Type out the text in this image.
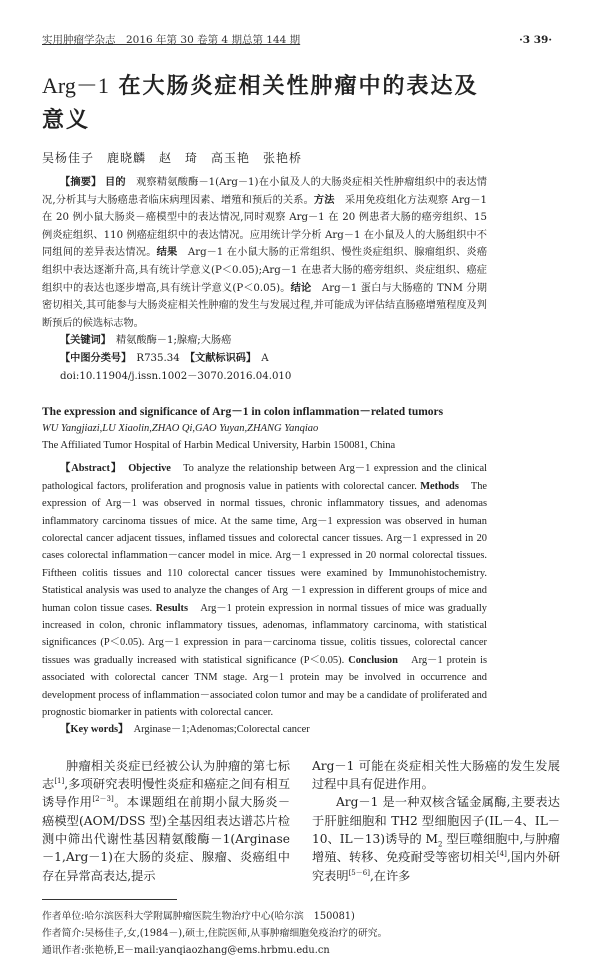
实用肿瘤学杂志　2016 年第 30 卷第 4 期总第 144 期	·3 39·
Arg－1 在大肠炎症相关性肿瘤中的表达及意义
吴杨佳子　鹿晓麟　赵　琦　高玉艳　张艳桥
【摘要】 目的　 观察精氨酸酶－1(Arg－1)在小鼠及人的大肠炎症相关性肿瘤组织中的表达情况,分析其与大肠癌患者临床病理因素、增殖和预后的关系。方法　 采用免疫组化方法观察 Arg－1 在 20 例小鼠大肠炎－癌模型中的表达情况,同时观察 Arg－1 在 20 例患者大肠的癌旁组织、15 例炎症组织、110 例癌症组织中的表达情况。应用统计学分析 Arg－1 在小鼠及人的大肠组织中不同组间的差异表达情况。结果　 Arg－1 在小鼠大肠的正常组织、慢性炎症组织、腺瘤组织、炎癌组织中表达逐渐升高,具有统计学意义(P＜0.05);Arg－1 在患者大肠的癌旁组织、炎症组织、癌症组织中的表达也逐步增高,具有统计学意义(P＜0.05)。结论　 Arg－1 蛋白与大肠癌的 TNM 分期密切相关,其可能参与大肠炎症相关性肿瘤的发生与发展过程,并可能成为评估结直肠癌增殖程度及判断预后的候选标志物。
【关键词】　 精氨酸酶－1;腺瘤;大肠癌
【中图分类号】　 R735.34　 【文献标识码】　 A
doi:10.11904/j.issn.1002－3070.2016.04.010
The expression and significance of Arg－1 in colon inflammation－related tumors
WU Yangjiazi,LU Xiaolin,ZHAO Qi,GAO Yuyan,ZHANG Yanqiao
The Affiliated Tumor Hospital of Harbin Medical University, Harbin 150081, China
【Abstract】　 Objective　 To analyze the relationship between Arg－1 expression and the clinical pathological factors, proliferation and prognosis value in patients with colorectal cancer. Methods　 The expression of Arg－1 was observed in normal tissues, chronic inflammatory tissues, and adenomas inflammatory carcinoma tissues of mice. At the same time, Arg－1 expression was observed in human colorectal cancer adjacent tissues, inflamed tissues and colorectal cancer tissues. Arg－1 expressed in 20 cases colorectal inflammation－cancer model in mice. Arg－1 expressed in 20 normal colorectal tissues. Fiftheen colitis tissues and 110 colorectal cancer tissues were examined by Immunohistochemistry. Statistical analysis was used to analyze the changes of Arg －1 expression in different groups of mice and human colon tissue cases. Results　 Arg－1 protein expression in normal tissues of mice was gradually increased in colon, chronic inflammatory tissues, adenomas, inflammatory carcinoma, with statistical significances (P＜0.05). Arg－1 expression in para－carcinoma tissue, colitis tissues, colorectal cancer tissues was gradually increased with statistical significance (P＜0.05). Conclusion　 Arg－1 protein is associated with colorectal cancer TNM stage. Arg－1 protein may be involved in occurrence and development process of inflammation－associated colon tumor and may be a candidate of proliferated and prognostic biomarker in patients with colorectal cancer.
【Key words】　 Arginase－1;Adenomas;Colorectal cancer

肿瘤相关炎症已经被公认为肿瘤的第七标志[1],多项研究表明慢性炎症和癌症之间有相互诱导作用[2－3]。本课题组在前期小鼠大肠炎－癌模型(AOM/DSS 型)全基因组表达谱芯片检测中筛出代谢性基因精氨酸酶－1(Arginase－1,Arg－1)在大肠的炎症、腺瘤、炎癌组中存在异常高表达,提示

Arg－1 可能在炎症相关性大肠癌的发生发展过程中具有促进作用。

Arg－1 是一种双核含锰金属酶,主要表达于肝脏细胞和 TH2 型细胞因子(IL－4、IL－10、IL－13)诱导的 $M_2$ 型巨噬细胞中,与肿瘤增殖、转移、免疫耐受等密切相关[4],国内外研究表明[5－6],在许多

作者单位:哈尔滨医科大学附属肿瘤医院生物治疗中心(哈尔滨　150081)
作者简介:吴杨佳子,女,(1984－),硕士,住院医师,从事肿瘤细胞免疫治疗的研究。
通讯作者:张艳桥,E－mail:yanqiaozhang@ems.hrbmu.edu.cn
